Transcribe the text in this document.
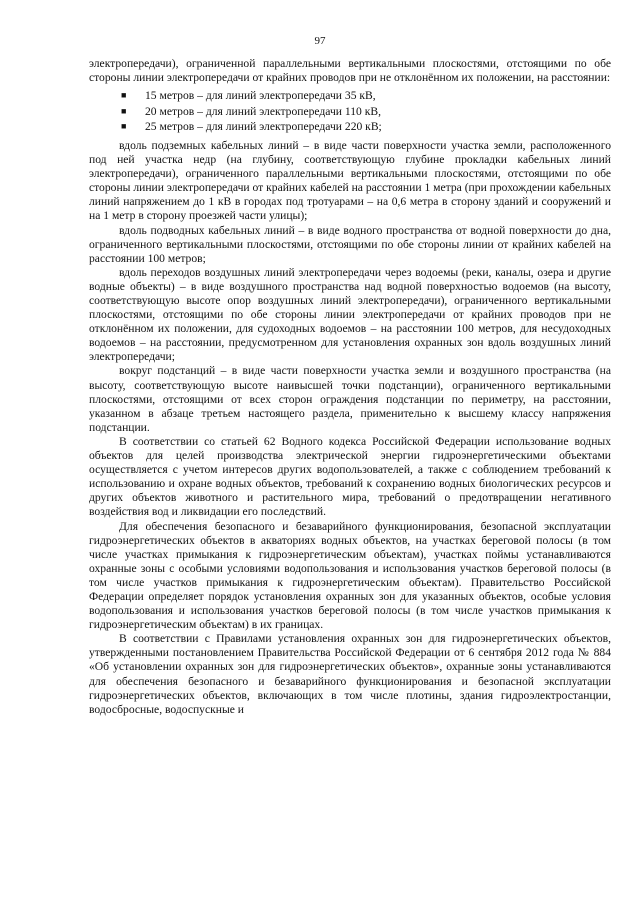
97

электропередачи), ограниченной параллельными вертикальными плоскостями, отстоящими по обе стороны линии электропередачи от крайних проводов при не отклонённом их положении, на расстоянии:

■ 15 метров – для линий электропередачи 35 кВ,
■ 20 метров – для линий электропередачи 110 кВ,
■ 25 метров – для линий электропередачи 220 кВ;

вдоль подземных кабельных линий – в виде части поверхности участка земли, расположенного под ней участка недр (на глубину, соответствующую глубине прокладки кабельных линий электропередачи), ограниченного параллельными вертикальными плоскостями, отстоящими по обе стороны линии электропередачи от крайних кабелей на расстоянии 1 метра (при прохождении кабельных линий напряжением до 1 кВ в городах под тротуарами – на 0,6 метра в сторону зданий и сооружений и на 1 метр в сторону проезжей части улицы);

вдоль подводных кабельных линий – в виде водного пространства от водной поверхности до дна, ограниченного вертикальными плоскостями, отстоящими по обе стороны линии от крайних кабелей на расстоянии 100 метров;

вдоль переходов воздушных линий электропередачи через водоемы (реки, каналы, озера и другие водные объекты) – в виде воздушного пространства над водной поверхностью водоемов (на высоту, соответствующую высоте опор воздушных линий электропередачи), ограниченного вертикальными плоскостями, отстоящими по обе стороны линии электропередачи от крайних проводов при не отклонённом их положении, для судоходных водоемов – на расстоянии 100 метров, для несудоходных водоемов – на расстоянии, предусмотренном для установления охранных зон вдоль воздушных линий электропередачи;

вокруг подстанций – в виде части поверхности участка земли и воздушного пространства (на высоту, соответствующую высоте наивысшей точки подстанции), ограниченного вертикальными плоскостями, отстоящими от всех сторон ограждения подстанции по периметру, на расстоянии, указанном в абзаце третьем настоящего раздела, применительно к высшему классу напряжения подстанции.

В соответствии со статьей 62 Водного кодекса Российской Федерации использование водных объектов для целей производства электрической энергии гидроэнергетическими объектами осуществляется с учетом интересов других водопользователей, а также с соблюдением требований к использованию и охране водных объектов, требований к сохранению водных биологических ресурсов и других объектов животного и растительного мира, требований о предотвращении негативного воздействия вод и ликвидации его последствий.

Для обеспечения безопасного и безаварийного функционирования, безопасной эксплуатации гидроэнергетических объектов в акваториях водных объектов, на участках береговой полосы (в том числе участках примыкания к гидроэнергетическим объектам), участках поймы устанавливаются охранные зоны с особыми условиями водопользования и использования участков береговой полосы (в том числе участков примыкания к гидроэнергетическим объектам). Правительство Российской Федерации определяет порядок установления охранных зон для указанных объектов, особые условия водопользования и использования участков береговой полосы (в том числе участков примыкания к гидроэнергетическим объектам) в их границах.

В соответствии с Правилами установления охранных зон для гидроэнергетических объектов, утвержденными постановлением Правительства Российской Федерации от 6 сентября 2012 года № 884 «Об установлении охранных зон для гидроэнергетических объектов», охранные зоны устанавливаются для обеспечения безопасного и безаварийного функционирования и безопасной эксплуатации гидроэнергетических объектов, включающих в том числе плотины, здания гидроэлектростанции, водосбросные, водоспускные и
